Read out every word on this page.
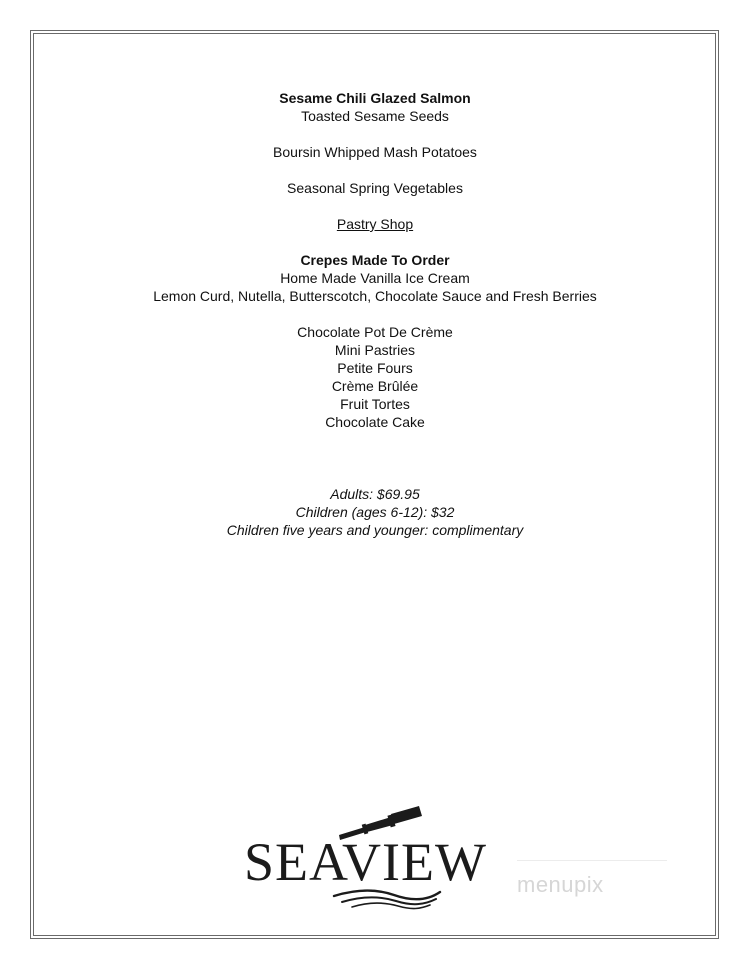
Sesame Chili Glazed Salmon

Toasted Sesame Seeds

Boursin Whipped Mash Potatoes

Seasonal Spring Vegetables

Pastry Shop

Crepes Made To Order

Home Made Vanilla Ice Cream

Lemon Curd, Nutella, Butterscotch, Chocolate Sauce and Fresh Berries

Chocolate Pot De Crème

Mini Pastries

Petite Fours

Crème Brûlée

Fruit Tortes

Chocolate Cake

Adults: $69.95

Children (ages 6-12): $32

Children five years and younger: complimentary

SEAVIEW menupix
